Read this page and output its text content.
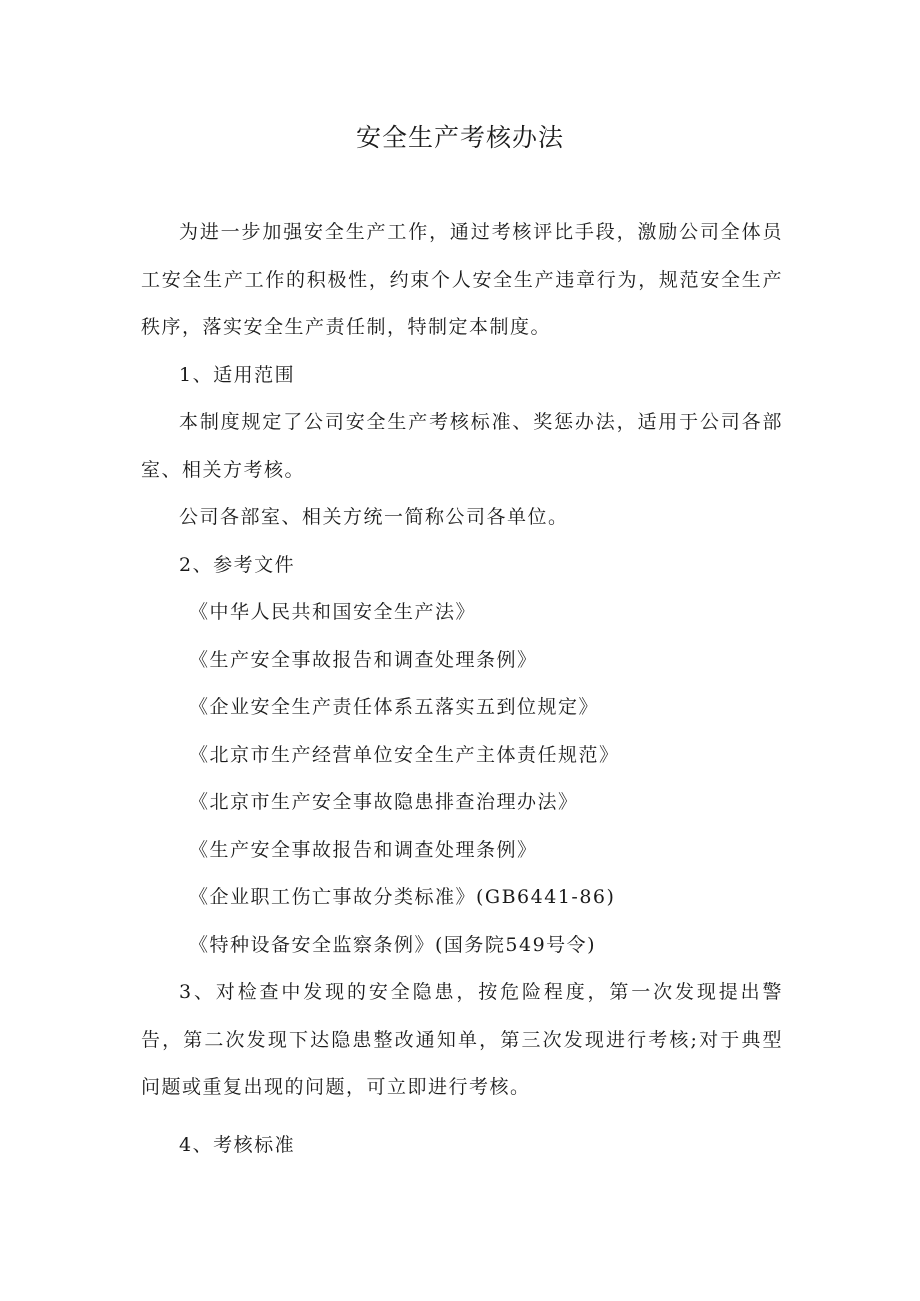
安全生产考核办法

为进一步加强安全生产工作，通过考核评比手段，激励公司全体员工安全生产工作的积极性，约束个人安全生产违章行为，规范安全生产秩序，落实安全生产责任制，特制定本制度。

1、适用范围

本制度规定了公司安全生产考核标准、奖惩办法，适用于公司各部室、相关方考核。

公司各部室、相关方统一简称公司各单位。

2、参考文件

《中华人民共和国安全生产法》

《生产安全事故报告和调查处理条例》

《企业安全生产责任体系五落实五到位规定》

《北京市生产经营单位安全生产主体责任规范》

《北京市生产安全事故隐患排查治理办法》

《生产安全事故报告和调查处理条例》

《企业职工伤亡事故分类标准》(GB6441-86)

《特种设备安全监察条例》(国务院549号令)

3、对检查中发现的安全隐患，按危险程度，第一次发现提出警告，第二次发现下达隐患整改通知单，第三次发现进行考核;对于典型问题或重复出现的问题，可立即进行考核。

4、考核标准
